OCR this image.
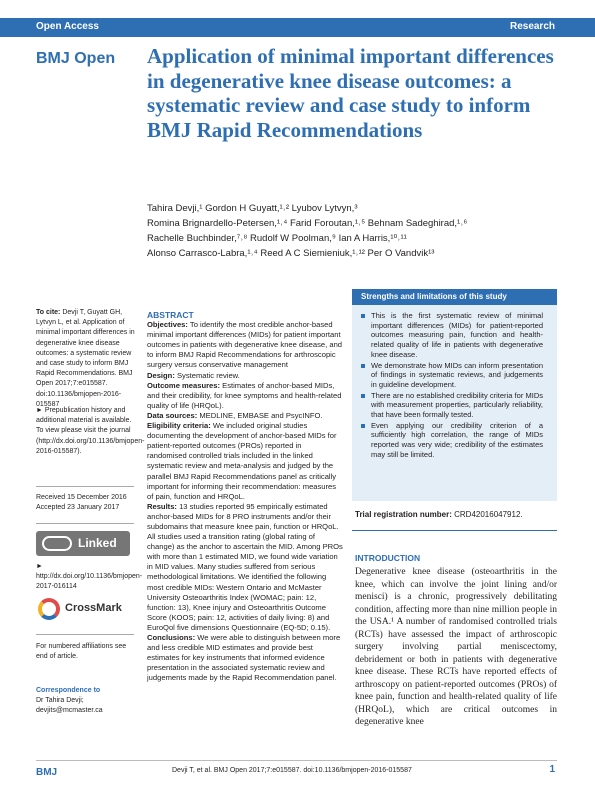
Open Access	Research
BMJ Open Application of minimal important differences in degenerative knee disease outcomes: a systematic review and case study to inform BMJ Rapid Recommendations
Tahira Devji,¹ Gordon H Guyatt,¹˒² Lyubov Lytvyn,³
Romina Brignardello-Petersen,¹˒⁴ Farid Foroutan,¹˒⁵ Behnam Sadeghirad,¹˒⁶
Rachelle Buchbinder,⁷˒⁸ Rudolf W Poolman,⁹ Ian A Harris,¹⁰˒¹¹
Alonso Carrasco-Labra,¹˒⁴ Reed A C Siemieniuk,¹˒¹² Per O Vandvik¹³
To cite: Devji T, Guyatt GH, Lytvyn L, et al. Application of minimal important differences in degenerative knee disease outcomes: a systematic review and case study to inform BMJ Rapid Recommendations. BMJ Open 2017;7:e015587. doi:10.1136/bmjopen-2016-015587
► Prepublication history and additional material is available. To view please visit the journal (http://dx.doi.org/10.1136/bmjopen-2016-015587).
Received 15 December 2016
Accepted 23 January 2017
Linked
► http://dx.doi.org/10.1136/bmjopen-2017-016114
CrossMark
For numbered affiliations see end of article.
Correspondence to
Dr Tahira Devji;
devjits@mcmaster.ca
ABSTRACT

Objectives: To identify the most credible anchor-based minimal important differences (MIDs) for patient important outcomes in patients with degenerative knee disease, and to inform BMJ Rapid Recommendations for arthroscopic surgery versus conservative management

Design: Systematic review.

Outcome measures: Estimates of anchor-based MIDs, and their credibility, for knee symptoms and health-related quality of life (HRQoL).

Data sources: MEDLINE, EMBASE and PsycINFO.

Eligibility criteria: We included original studies documenting the development of anchor-based MIDs for patient-reported outcomes (PROs) reported in randomised controlled trials included in the linked systematic review and meta-analysis and judged by the parallel BMJ Rapid Recommendations panel as critically important for informing their recommendation: measures of pain, function and HRQoL.

Results: 13 studies reported 95 empirically estimated anchor-based MIDs for 8 PRO instruments and/or their subdomains that measure knee pain, function or HRQoL. All studies used a transition rating (global rating of change) as the anchor to ascertain the MID. Among PROs with more than 1 estimated MID, we found wide variation in MID values. Many studies suffered from serious methodological limitations. We identified the following most credible MIDs: Western Ontario and McMaster University Osteoarthritis Index (WOMAC; pain: 12, function: 13), Knee injury and Osteoarthritis Outcome Score (KOOS; pain: 12, activities of daily living: 8) and EuroQol five dimensions Questionnaire (EQ-5D; 0.15).

Conclusions: We were able to distinguish between more and less credible MID estimates and provide best estimates for key instruments that informed evidence presentation in the associated systematic review and judgements made by the Rapid Recommendation panel.

Strengths and limitations of this study
This is the first systematic review of minimal important differences (MIDs) for patient-reported outcomes measuring pain, function and health-related quality of life in patients with degenerative knee disease.
We demonstrate how MIDs can inform presentation of findings in systematic reviews, and judgements in guideline development.
There are no established credibility criteria for MIDs with measurement properties, particularly reliability, that have been formally tested.
Even applying our credibility criterion of a sufficiently high correlation, the range of MIDs reported was very wide; credibility of the estimates may still be limited.
Trial registration number: CRD42016047912.
INTRODUCTION
Degenerative knee disease (osteoarthritis in the knee, which can involve the joint lining and/or menisci) is a chronic, progressively debilitating condition, affecting more than nine million people in the USA.¹ A number of randomised controlled trials (RCTs) have assessed the impact of arthroscopic surgery involving partial meniscectomy, debridement or both in patients with degenerative knee disease. These RCTs have reported effects of arthroscopy on patient-reported outcomes (PROs) of knee pain, function and health-related quality of life (HRQoL), which are critical outcomes in degenerative knee
BMJ	Devji T, et al. BMJ Open 2017;7:e015587. doi:10.1136/bmjopen-2016-015587	1
